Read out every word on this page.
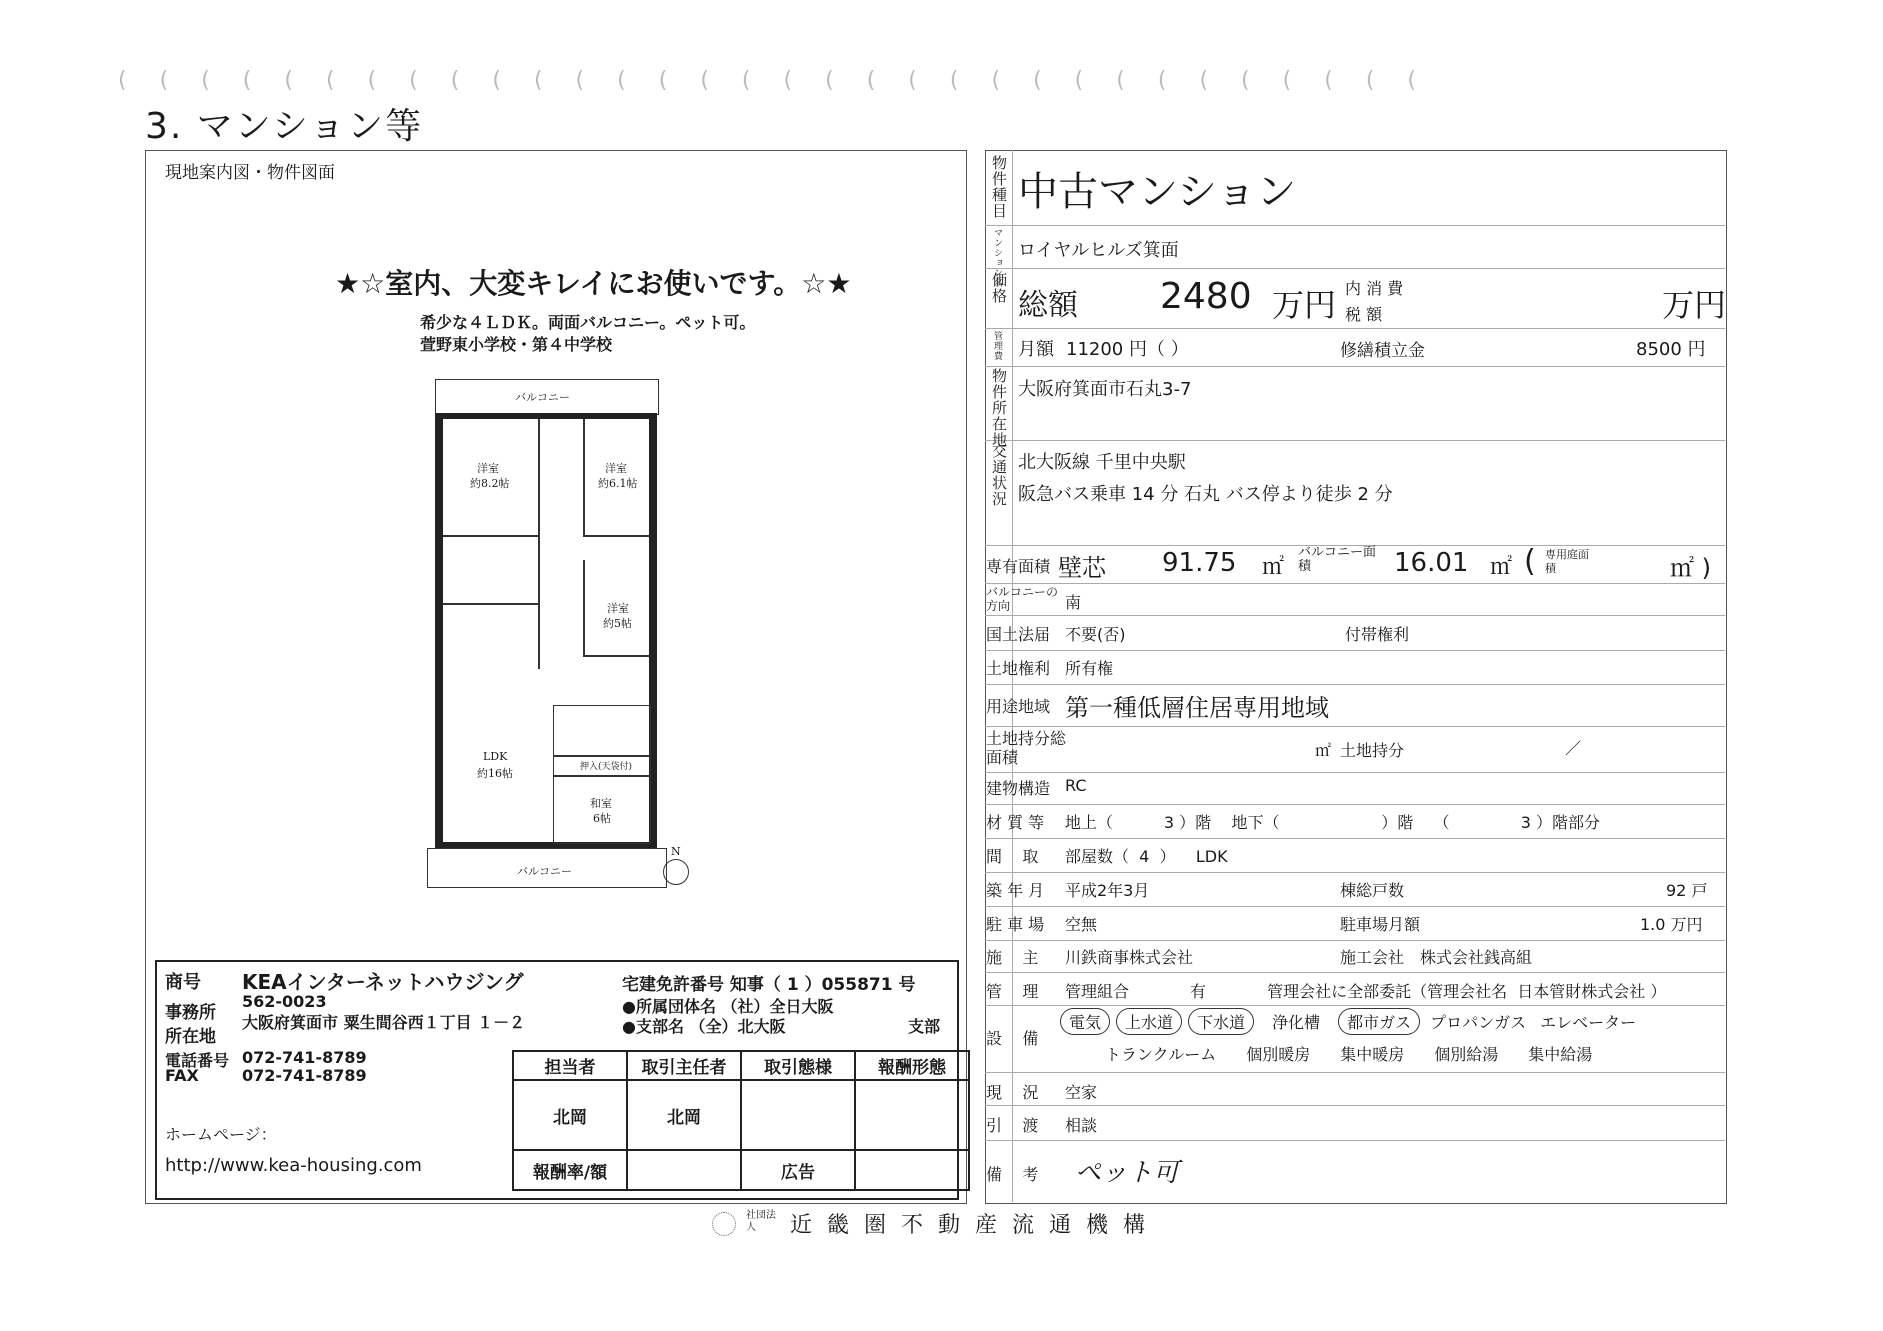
( ( ( ( ( ( ( ( ( ( ( ( ( ( ( ( ( ( ( ( ( ( ( ( ( ( ( ( ( ( ( (
3. マンション等
現地案内図・物件図面
★☆室内、大変キレイにお使いです。☆★
希少な４ＬＤＫ。両面バルコニー。ペット可。
萱野東小学校・第４中学校
バルコニー
洋室
約8.2帖
洋室
約6.1帖
洋室
約5帖
LDK
約16帖
和室
6帖
押入(天袋付)
バルコニー
N
商号 KEAインターネットハウジング
事務所
所在地
562-0023
大阪府箕面市 粟生間谷西１丁目 １－２
電話番号 072-741-8789
FAX	072-741-8789
ホームページ：
http://www.kea-housing.com
宅建免許番号 知事（ 1 ）055871 号
●所属団体名 （社）全日大阪
●支部名 （全）北大阪	支部
担当者	取引主任者	取引態様	報酬形態
北岡	北岡		
報酬率/額		広告	
物件種目 中古マンション
マンション名 ロイヤルヒルズ箕面
価格 総額 2480 万円 内 消 費
税 額	万円
管理費 月額 11200 円（ ）	修繕積立金	8500 円
物件所在地 大阪府箕面市石丸3-7
交通状況 北大阪線 千里中央駅
阪急バス乗車 14 分 石丸 バス停より徒歩 2 分
専有面積 壁芯 91.75 ㎡
バルコニー面積	16.01 ㎡ ( 専用庭面積	㎡ )
バルコニーの方向	南
国土法届 不要(否)	付帯権利
土地権利 所有権
用途地域 第一種低層住居専用地域
土地持分総面積	㎡ 土地持分	／
建物構造 RC
材 質 等 地上（          3 ）階    地下（                    ）階    （              3 ）階部分
間    取 部屋数（  4  ）    LDK
築 年 月 平成2年3月	棟総戸数	92 戸
駐 車 場 空無	駐車場月額	1.0 万円
施    主 川鉄商事株式会社	施工会社 株式会社銭高組
管    理 管理組合            有            管理会社に全部委託（管理会社名  日本管財株式会社 ）
設    備
電気	上水道	下水道	浄化槽	都市ガス	プロパンガス エレベーター
トランクルーム 個別暖房 集中暖房 個別給湯 集中給湯
現    況 空家
引    渡 相談
備    考 ペット可
社団法人	近 畿 圏 不 動 産 流 通 機 構
